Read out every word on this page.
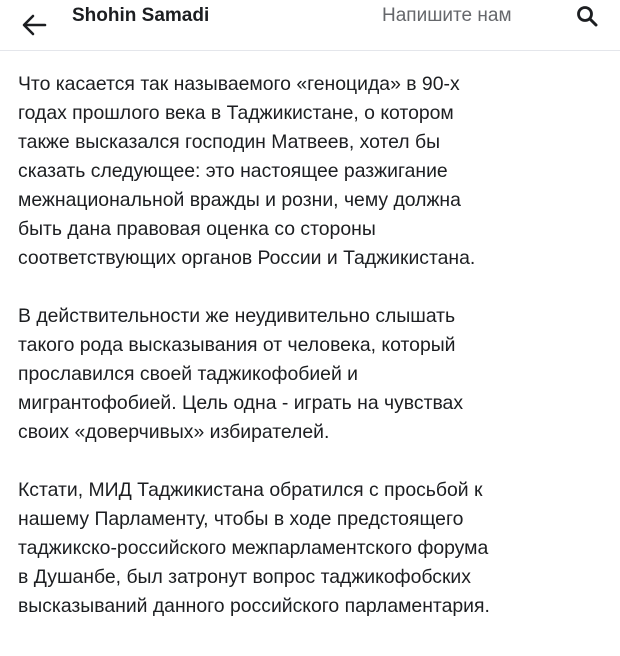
Shohin Samadi	Напишите нам

Что касается так называемого «геноцида» в 90-х
годах прошлого века в Таджикистане, о котором
также высказался господин Матвеев, хотел бы
сказать следующее: это настоящее разжигание
межнациональной вражды и розни, чему должна
быть дана правовая оценка со стороны
соответствующих органов России и Таджикистана.

В действительности же неудивительно слышать
такого рода высказывания от человека, который
прославился своей таджикофобией и
мигрантофобией. Цель одна - играть на чувствах
своих «доверчивых» избирателей.

Кстати, МИД Таджикистана обратился с просьбой к
нашему Парламенту, чтобы в ходе предстоящего
таджикско-российского межпарламентского форума
в Душанбе, был затронут вопрос таджикофобских
высказываний данного российского парламентария.
